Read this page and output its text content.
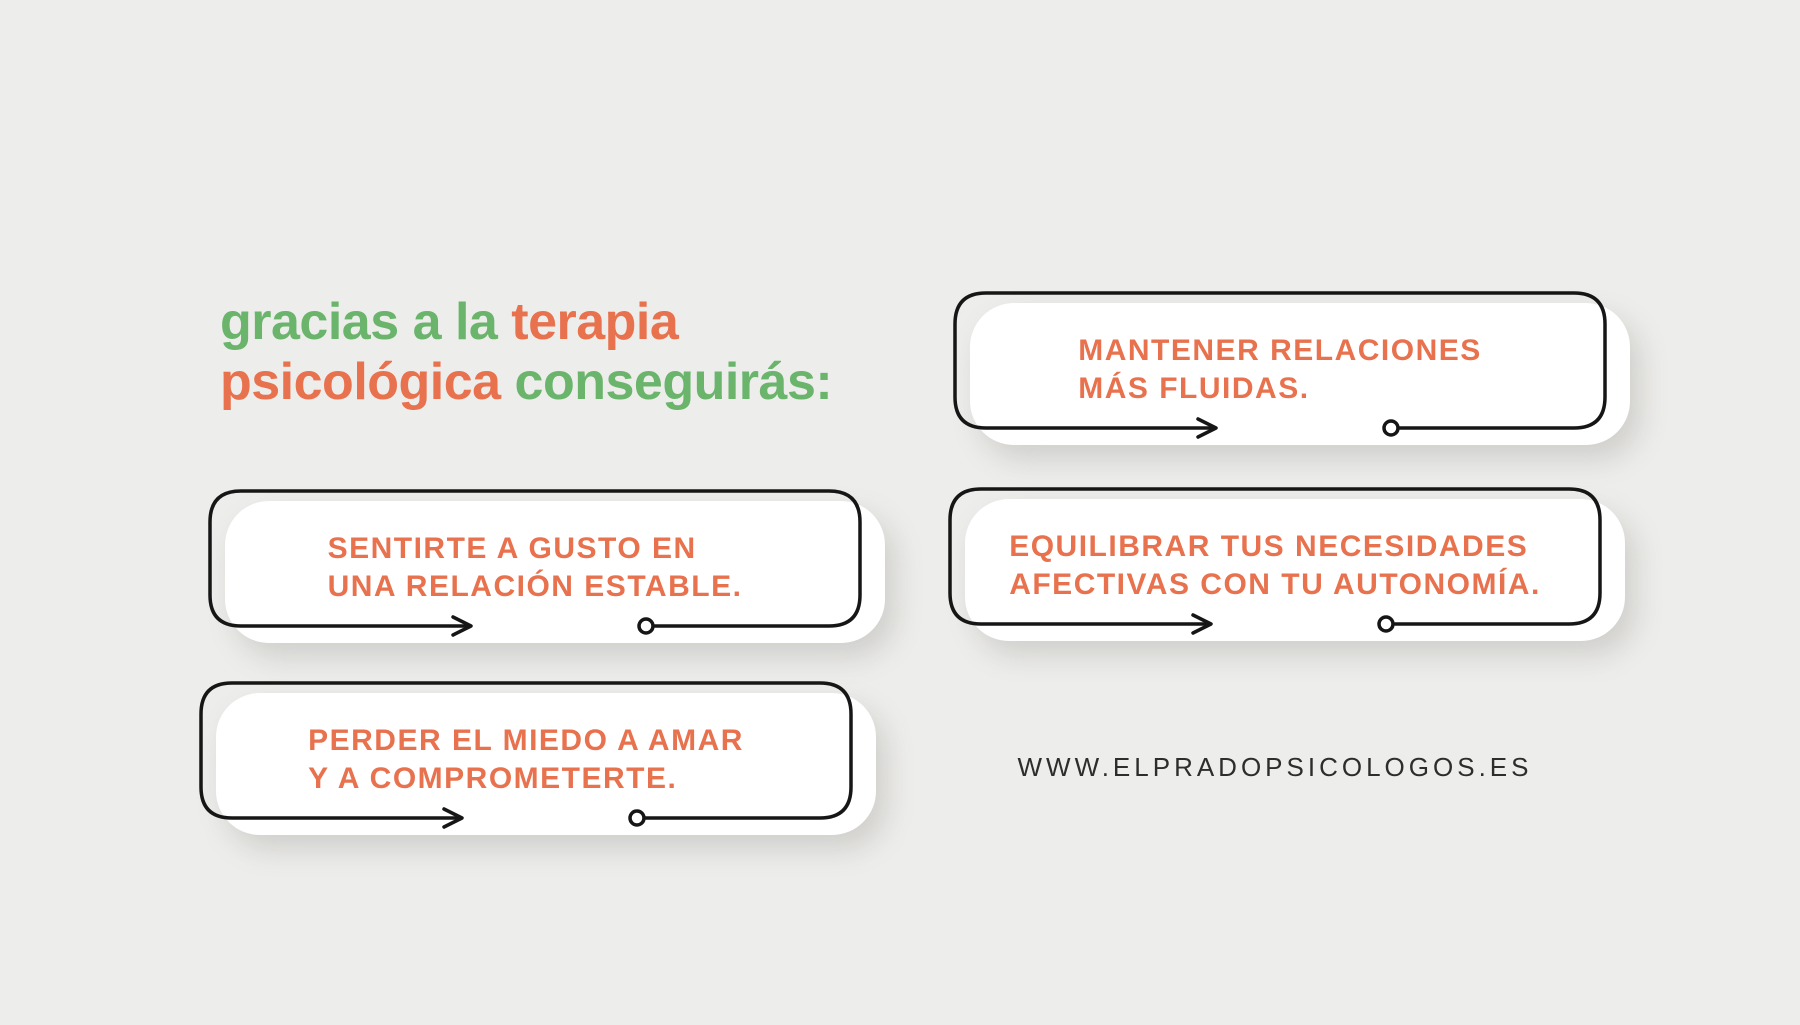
gracias a la terapia
psicológica conseguirás:
MANTENER RELACIONES
MÁS FLUIDAS.
SENTIRTE A GUSTO EN
UNA RELACIÓN ESTABLE.
EQUILIBRAR TUS NECESIDADES
AFECTIVAS CON TU AUTONOMÍA.
PERDER EL MIEDO A AMAR
Y A COMPROMETERTE.	WWW.ELPRADOPSICOLOGOS.ES
